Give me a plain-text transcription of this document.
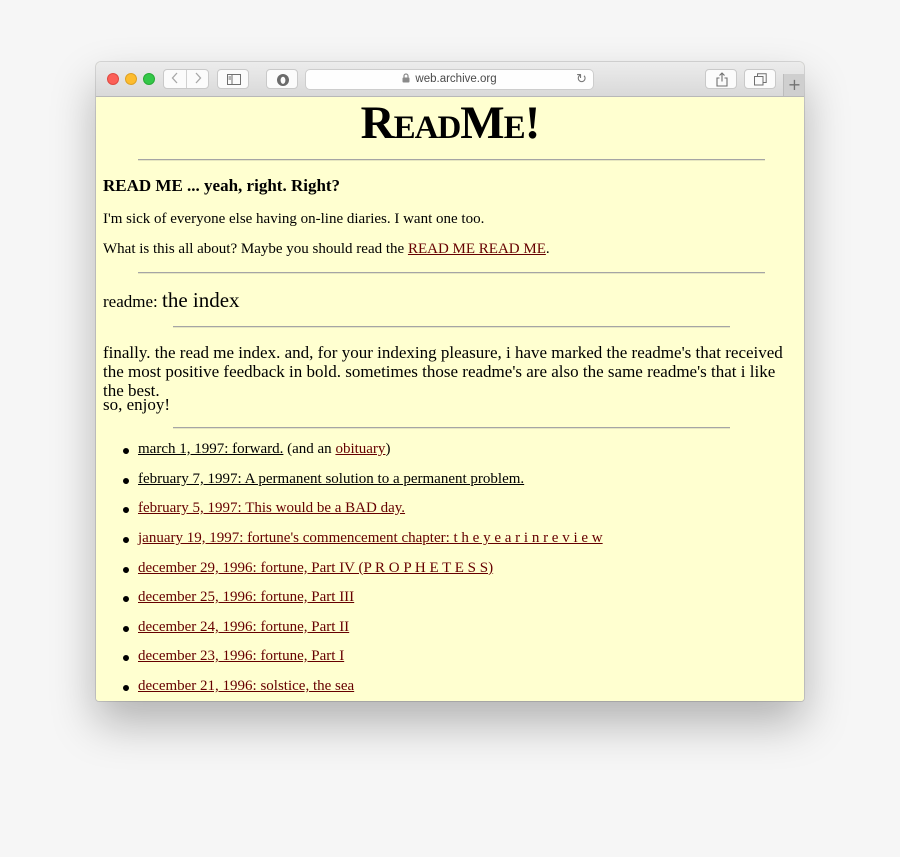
web.archive.org	↻	+
README!
READ ME ... yeah, right. Right?
I'm sick of everyone else having on-line diaries. I want one too.
What is this all about? Maybe you should read the READ ME READ ME.
readme: the index
finally. the read me index. and, for your indexing pleasure, i have marked the readme's that received the most positive feedback in bold. sometimes those readme's are also the same readme's that i like the best.
so, enjoy!
march 1, 1997: forward. (and an obituary)
february 7, 1997: A permanent solution to a permanent problem.
february 5, 1997: This would be a BAD day.
january 19, 1997: fortune's commencement chapter: t h e y e a r i n r e v i e w
december 29, 1996: fortune, Part IV (P R O P H E T E S S)
december 25, 1996: fortune, Part III
december 24, 1996: fortune, Part II
december 23, 1996: fortune, Part I
december 21, 1996: solstice, the sea
